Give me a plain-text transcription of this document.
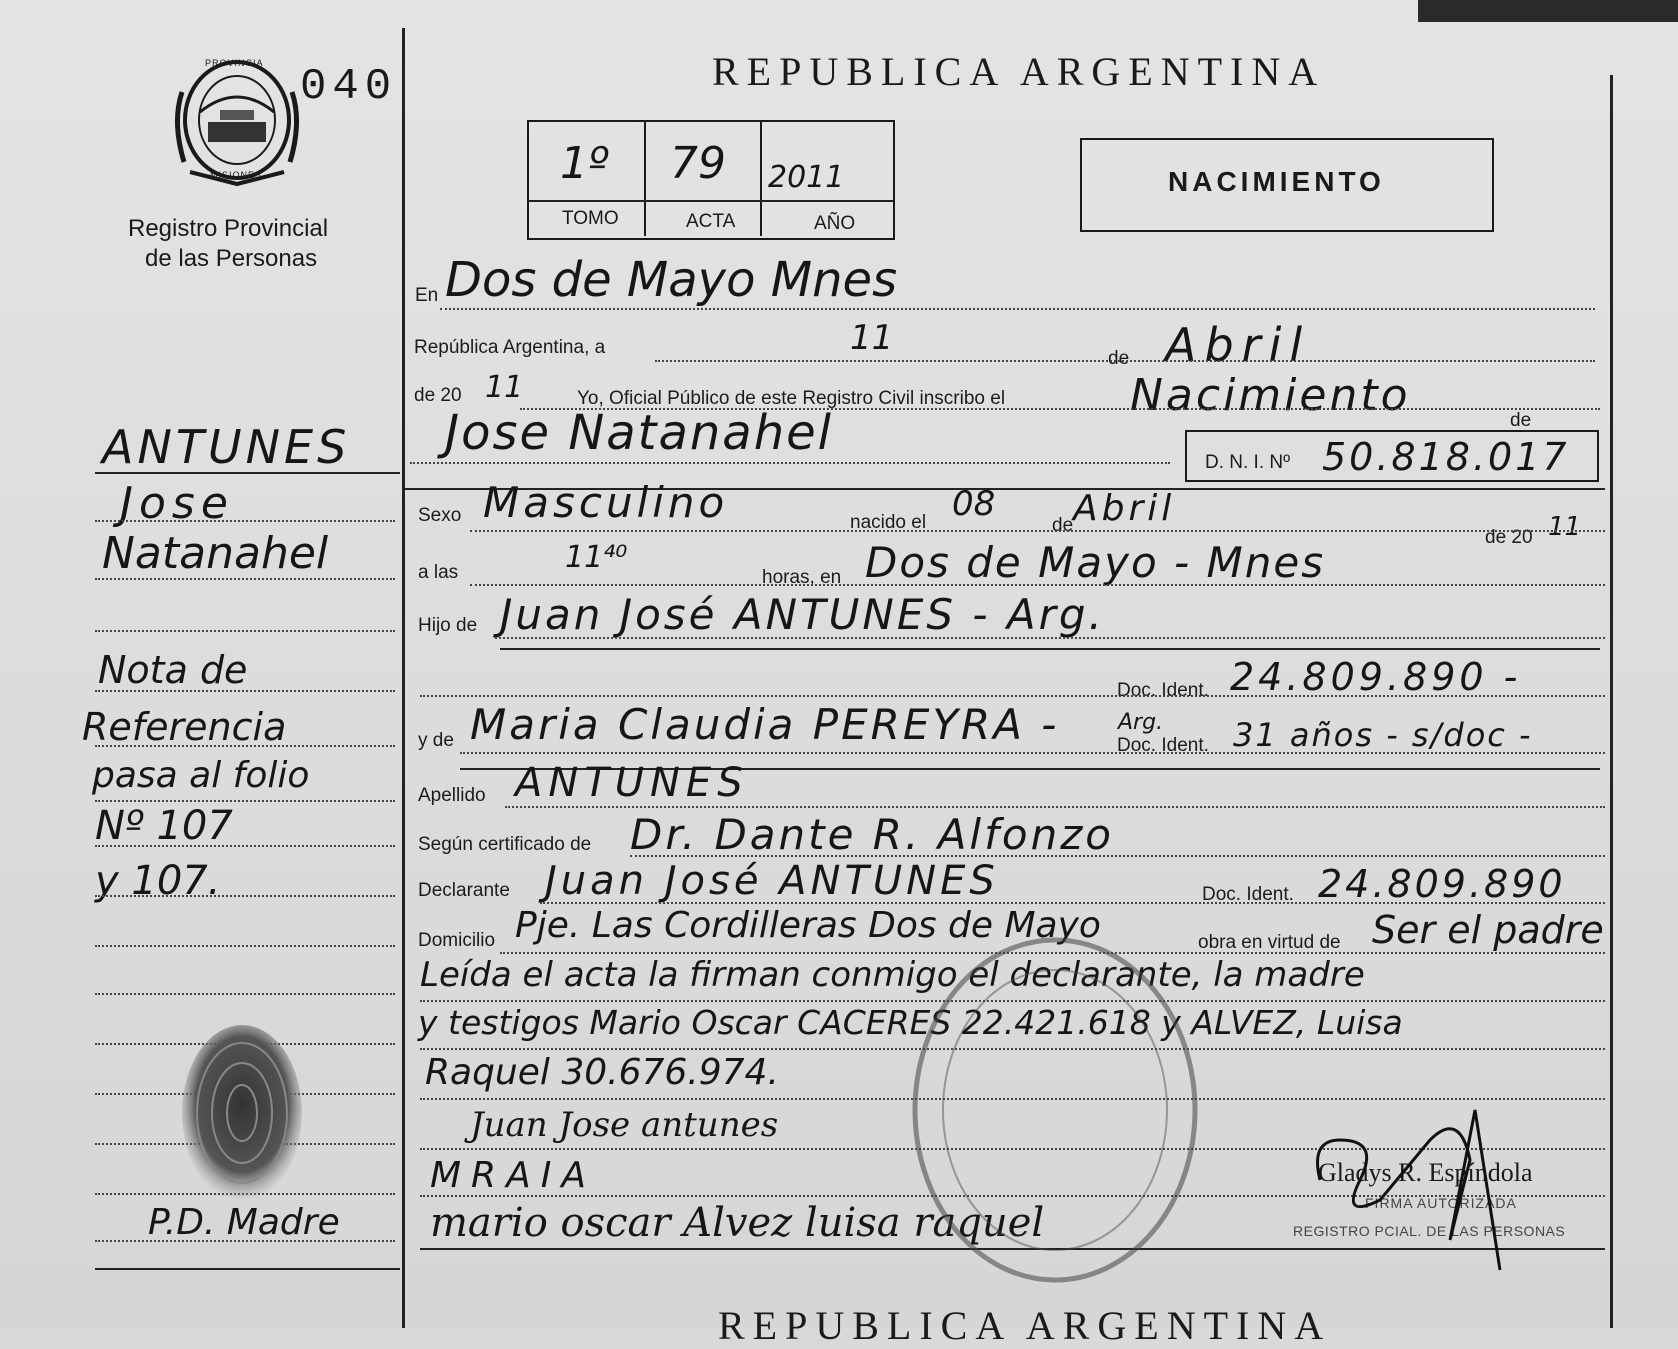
PROVINCIA
MISIONES
040
Registro Provincial
de las Personas
REPUBLICA ARGENTINA
1º 79 2011
TOMO	ACTA	AÑO
NACIMIENTO
En Dos de Mayo Mnes
República Argentina, a	11
de Abril
de 20 11	Yo, Oficial Público de este Registro Civil inscribo el	Nacimiento	de
Jose Natanahel
D. N. I. Nº 50.818.017
Sexo Masculino	nacido el 08
de Abril
de 20 11
a las	11⁴⁰
horas, en Dos de Mayo - Mnes
Hijo de Juan José ANTUNES - Arg.
Doc. Ident. 24.809.890 -
y de Maria Claudia PEREYRA -	Doc. Ident.
Arg. 31 años - s/doc -
Apellido ANTUNES
Según certificado de Dr. Dante R. Alfonzo
Declarante Juan José ANTUNES	Doc. Ident. 24.809.890
Domicilio Pje. Las Cordilleras Dos de Mayo	obra en virtud de Ser el padre
Leída el acta la firman conmigo el declarante, la madre
y testigos Mario Oscar CACERES 22.421.618 y ALVEZ, Luisa
Raquel 30.676.974.
Juan Jose antunes
MRAIA
mario oscar Alvez luisa raquel
Gladys R. Espíndola
FIRMA AUTORIZADA
REGISTRO PCIAL. DE LAS PERSONAS
REPUBLICA ARGENTINA
ANTUNES
Jose
Natanahel
Nota de
Referencia
pasa al folio
Nº 107
y 107.
P.D. Madre
